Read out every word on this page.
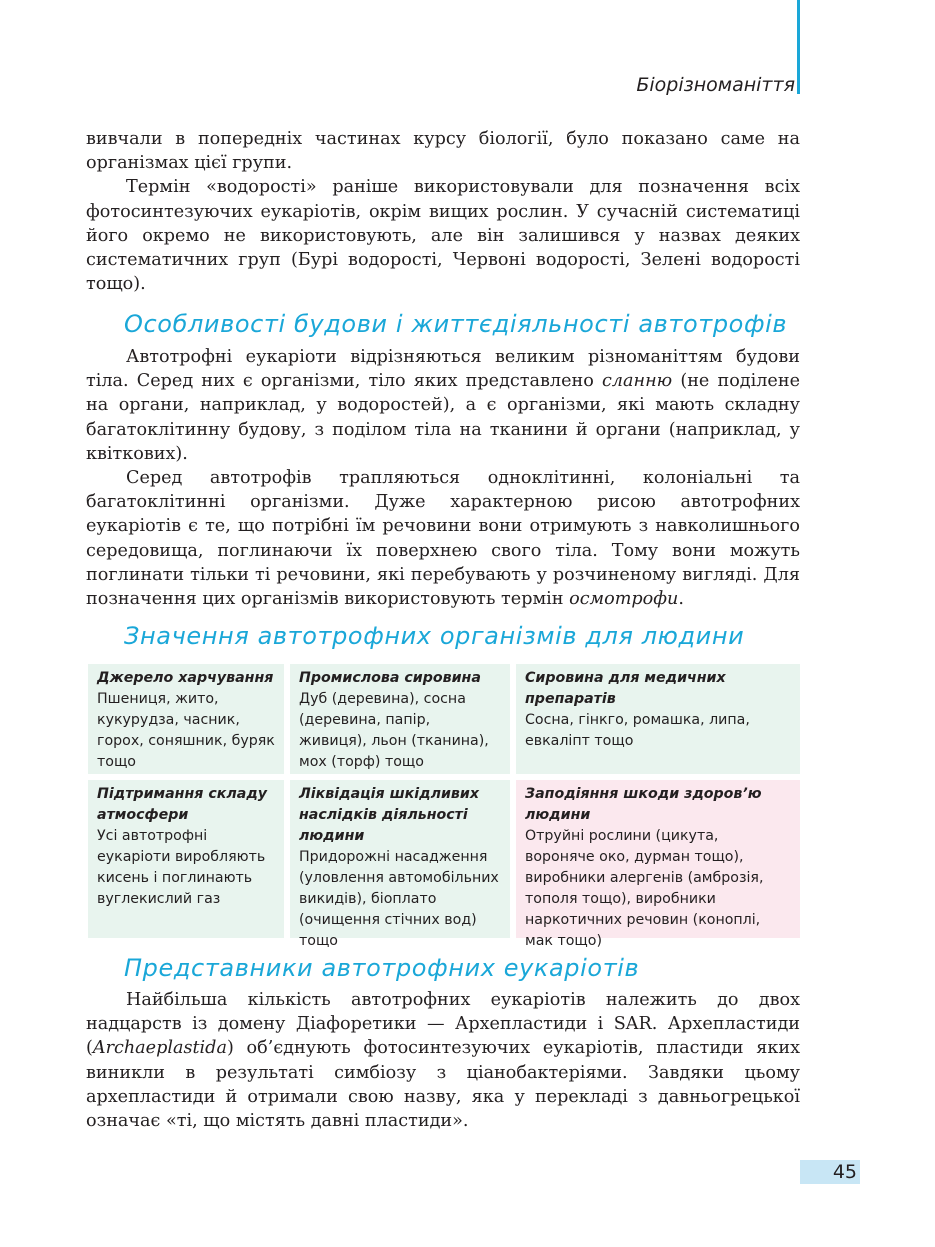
Біорізноманіття

вивчали в попередніх частинах курсу біології, було показано саме на організмах цієї групи.

Термін «водорості» раніше використовували для позначення всіх фотосинтезуючих еукаріотів, окрім вищих рослин. У сучасній систематиці його окремо не використовують, але він залишився у назвах деяких систематичних груп (Бурі водорості, Червоні водорості, Зелені водорості тощо).

Особливості будови і життєдіяльності автотрофів

Автотрофні еукаріоти відрізняються великим різноманіттям будови тіла. Серед них є організми, тіло яких представлено сланню (не поділене на органи, наприклад, у водоростей), а є організми, які мають складну багатоклітинну будову, з поділом тіла на тканини й органи (наприклад, у квіткових).

Серед автотрофів трапляються одноклітинні, колоніальні та багатоклітинні організми. Дуже характерною рисою автотрофних еукаріотів є те, що потрібні їм речовини вони отримують з навколишнього середовища, поглинаючи їх поверхнею свого тіла. Тому вони можуть поглинати тільки ті речовини, які перебувають у розчиненому вигляді. Для позначення цих організмів використовують термін осмотрофи.

Значення автотрофних організмів для людини
Джерело харчування
Пшениця, жито, кукурудза, часник, горох, соняшник, буряк тощо
Промислова сировина
Дуб (деревина), сосна (деревина, папір, живиця), льон (тканина), мох (торф) тощо
Сировина для медичних препаратів
Сосна, гінкго, ромашка, липа, евкаліпт тощо
Підтримання складу атмосфери
Усі автотрофні еукаріоти виробляють кисень і поглинають вуглекислий газ
Ліквідація шкідливих наслідків діяльності людини
Придорожні насадження (уловлення автомобільних викидів), біоплато (очищення стічних вод) тощо
Заподіяння шкоди здоров’ю людини
Отруйні рослини (цикута, вороняче око, дурман тощо), виробники алергенів (амброзія, тополя тощо), виробники наркотичних речовин (коноплі, мак тощо)
Представники автотрофних еукаріотів

Найбільша кількість автотрофних еукаріотів належить до двох надцарств із домену Діафоретики — Архепластиди і SAR. Архепластиди (Archaeplastida) об’єднують фотосинтезуючих еукаріотів, пластиди яких виникли в результаті симбіозу з ціанобактеріями. Завдяки цьому архепластиди й отримали свою назву, яка у перекладі з давньогрецької означає «ті, що містять давні пластиди».

45
